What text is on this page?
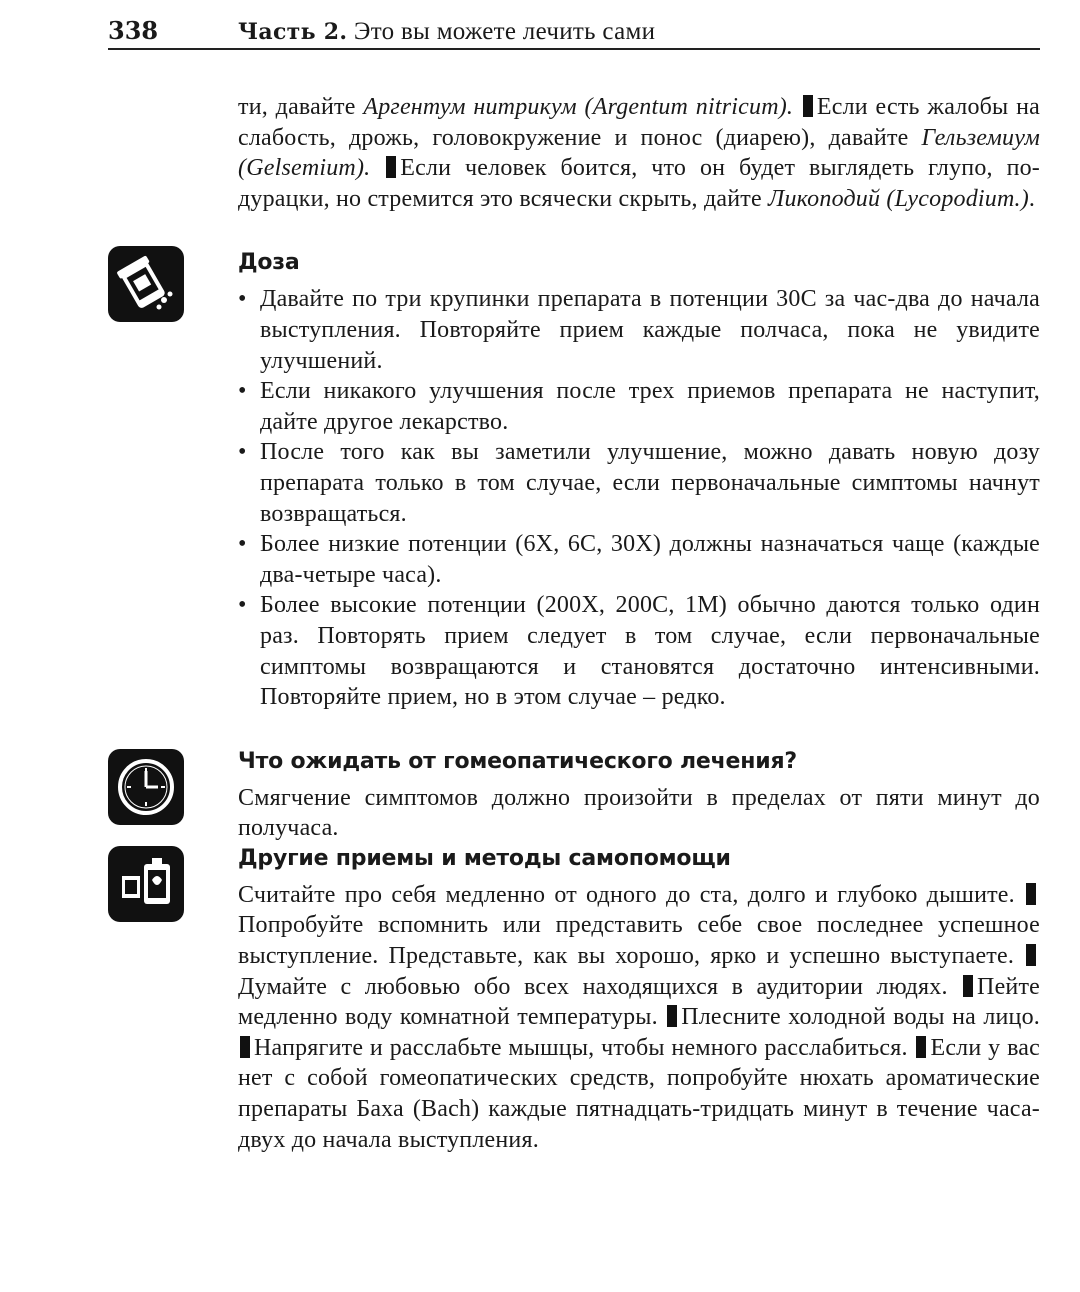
338	Часть 2. Это вы можете лечить сами

ти, давайте Аргентум нитрикум (Argentum nitricum). Если есть жалобы на слабость, дрожь, головокружение и понос (диарею), давайте Гельземиум (Gelsemium). Если человек боится, что он будет выглядеть глупо, по-дурацки, но стремится это всячески скрыть, дайте Ликоподий (Lycopodium.).

Доза
• Давайте по три крупинки препарата в потенции 30С за час-два до начала выступления. Повторяйте прием каждые полчаса, пока не увидите улучшений.
• Если никакого улучшения после трех приемов препарата не наступит, дайте другое лекарство.
• После того как вы заметили улучшение, можно давать новую дозу препарата только в том случае, если первоначальные симптомы начнут возвращаться.
• Более низкие потенции (6X, 6С, 30X) должны назначаться чаще (каждые два-четыре часа).
• Более высокие потенции (200X, 200С, 1М) обычно даются только один раз. Повторять прием следует в том случае, если первоначальные симптомы возвращаются и становятся достаточно интенсивными. Повторяйте прием, но в этом случае – редко.
Что ожидать от гомеопатического лечения?

Смягчение симптомов должно произойти в пределах от пяти минут до получаса.

Другие приемы и методы самопомощи

Считайте про себя медленно от одного до ста, долго и глубоко дышите. Попробуйте вспомнить или представить себе свое последнее успешное выступление. Представьте, как вы хорошо, ярко и успешно выступаете. Думайте с любовью обо всех находящихся в аудитории людях. Пейте медленно воду комнатной температуры. Плесните холодной воды на лицо. Напрягите и расслабьте мышцы, чтобы немного расслабиться. Если у вас нет с собой гомеопатических средств, попробуйте нюхать ароматические препараты Баха (Bach) каждые пятнадцать-тридцать минут в течение часа-двух до начала выступления.
